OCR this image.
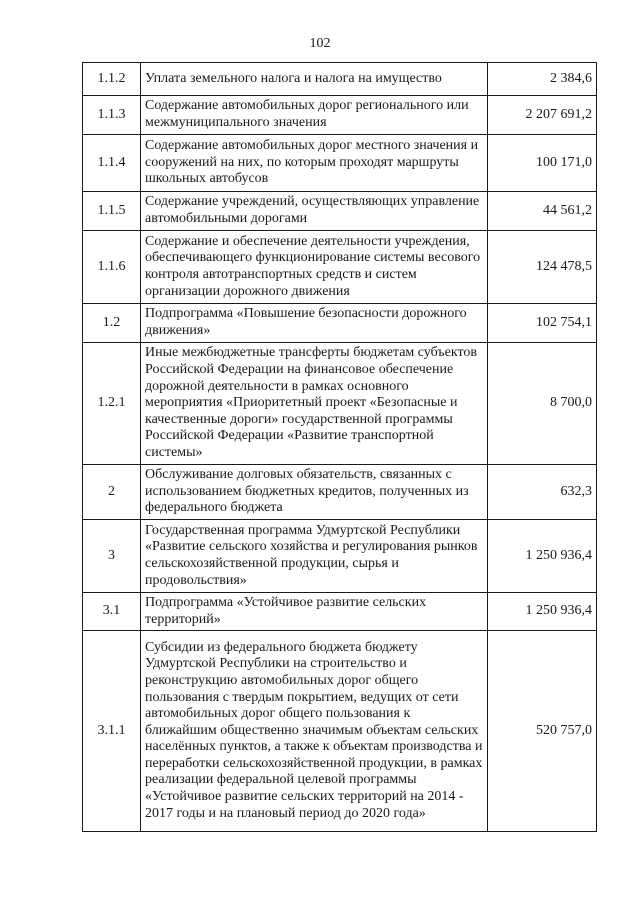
102
1.1.2	Уплата земельного налога и налога на имущество	2 384,6
1.1.3	Содержание автомобильных дорог регионального или межмуниципального значения	2 207 691,2
1.1.4	Содержание автомобильных дорог местного значения и сооружений на них, по которым проходят маршруты школьных автобусов	100 171,0
1.1.5	Содержание учреждений, осуществляющих управление автомобильными дорогами	44 561,2
1.1.6	Содержание и обеспечение деятельности учреждения, обеспечивающего функционирование системы весового контроля автотранспортных средств и систем организации дорожного движения	124 478,5
1.2	Подпрограмма «Повышение безопасности дорожного движения»	102 754,1
1.2.1	Иные межбюджетные трансферты бюджетам субъектов Российской Федерации на финансовое обеспечение дорожной деятельности в рамках основного мероприятия «Приоритетный проект «Безопасные и качественные дороги» государственной программы Российской Федерации «Развитие транспортной системы»	8 700,0
2	Обслуживание долговых обязательств, связанных с использованием бюджетных кредитов, полученных из федерального бюджета	632,3
3	Государственная программа Удмуртской Республики «Развитие сельского хозяйства и регулирования рынков сельскохозяйственной продукции, сырья и продовольствия»	1 250 936,4
3.1	Подпрограмма «Устойчивое развитие сельских территорий»	1 250 936,4
3.1.1	Субсидии из федерального бюджета бюджету Удмуртской Республики на строительство и реконструкцию автомобильных дорог общего пользования с твердым покрытием, ведущих от сети автомобильных дорог общего пользования к ближайшим общественно значимым объектам сельских населённых пунктов, а также к объектам производства и переработки сельскохозяйственной продукции, в рамках реализации федеральной целевой программы «Устойчивое развитие сельских территорий на 2014 - 2017 годы и на плановый период до 2020 года»	520 757,0
